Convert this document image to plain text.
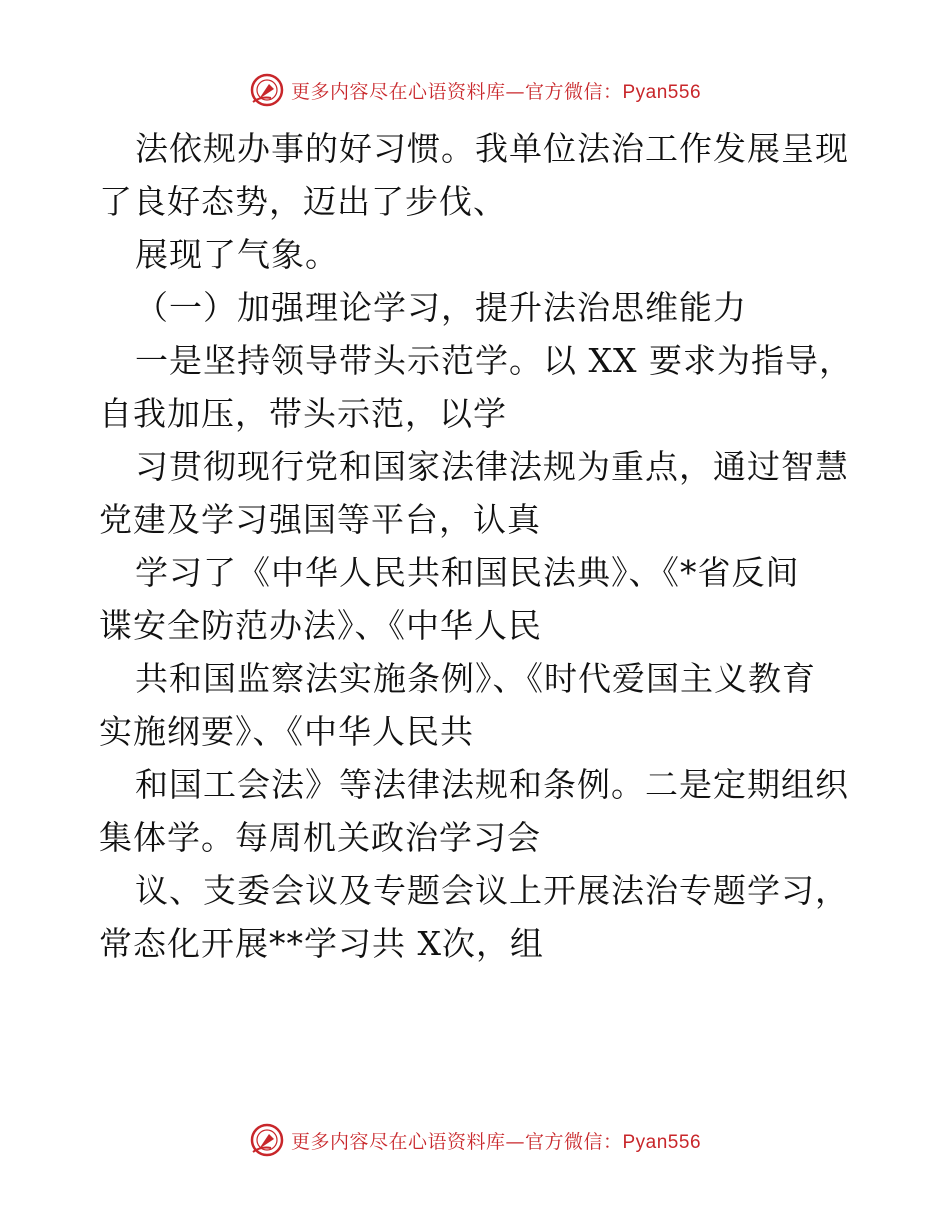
更多内容尽在心语资料库—官方微信：Pyan556
法依规办事的好习惯。我单位法治工作发展呈现
了良好态势，迈出了步伐、
展现了气象。
（一）加强理论学习，提升法治思维能力
一是坚持领导带头示范学。以 XX 要求为指导，
自我加压，带头示范，以学
习贯彻现行党和国家法律法规为重点，通过智慧
党建及学习强国等平台，认真
学习了《中华人民共和国民法典》、《*省反间
谍安全防范办法》、《中华人民
共和国监察法实施条例》、《时代爱国主义教育
实施纲要》、《中华人民共
和国工会法》等法律法规和条例。二是定期组织
集体学。每周机关政治学习会
议、支委会议及专题会议上开展法治专题学习，
常态化开展**学习共 X次，组
更多内容尽在心语资料库—官方微信：Pyan556
